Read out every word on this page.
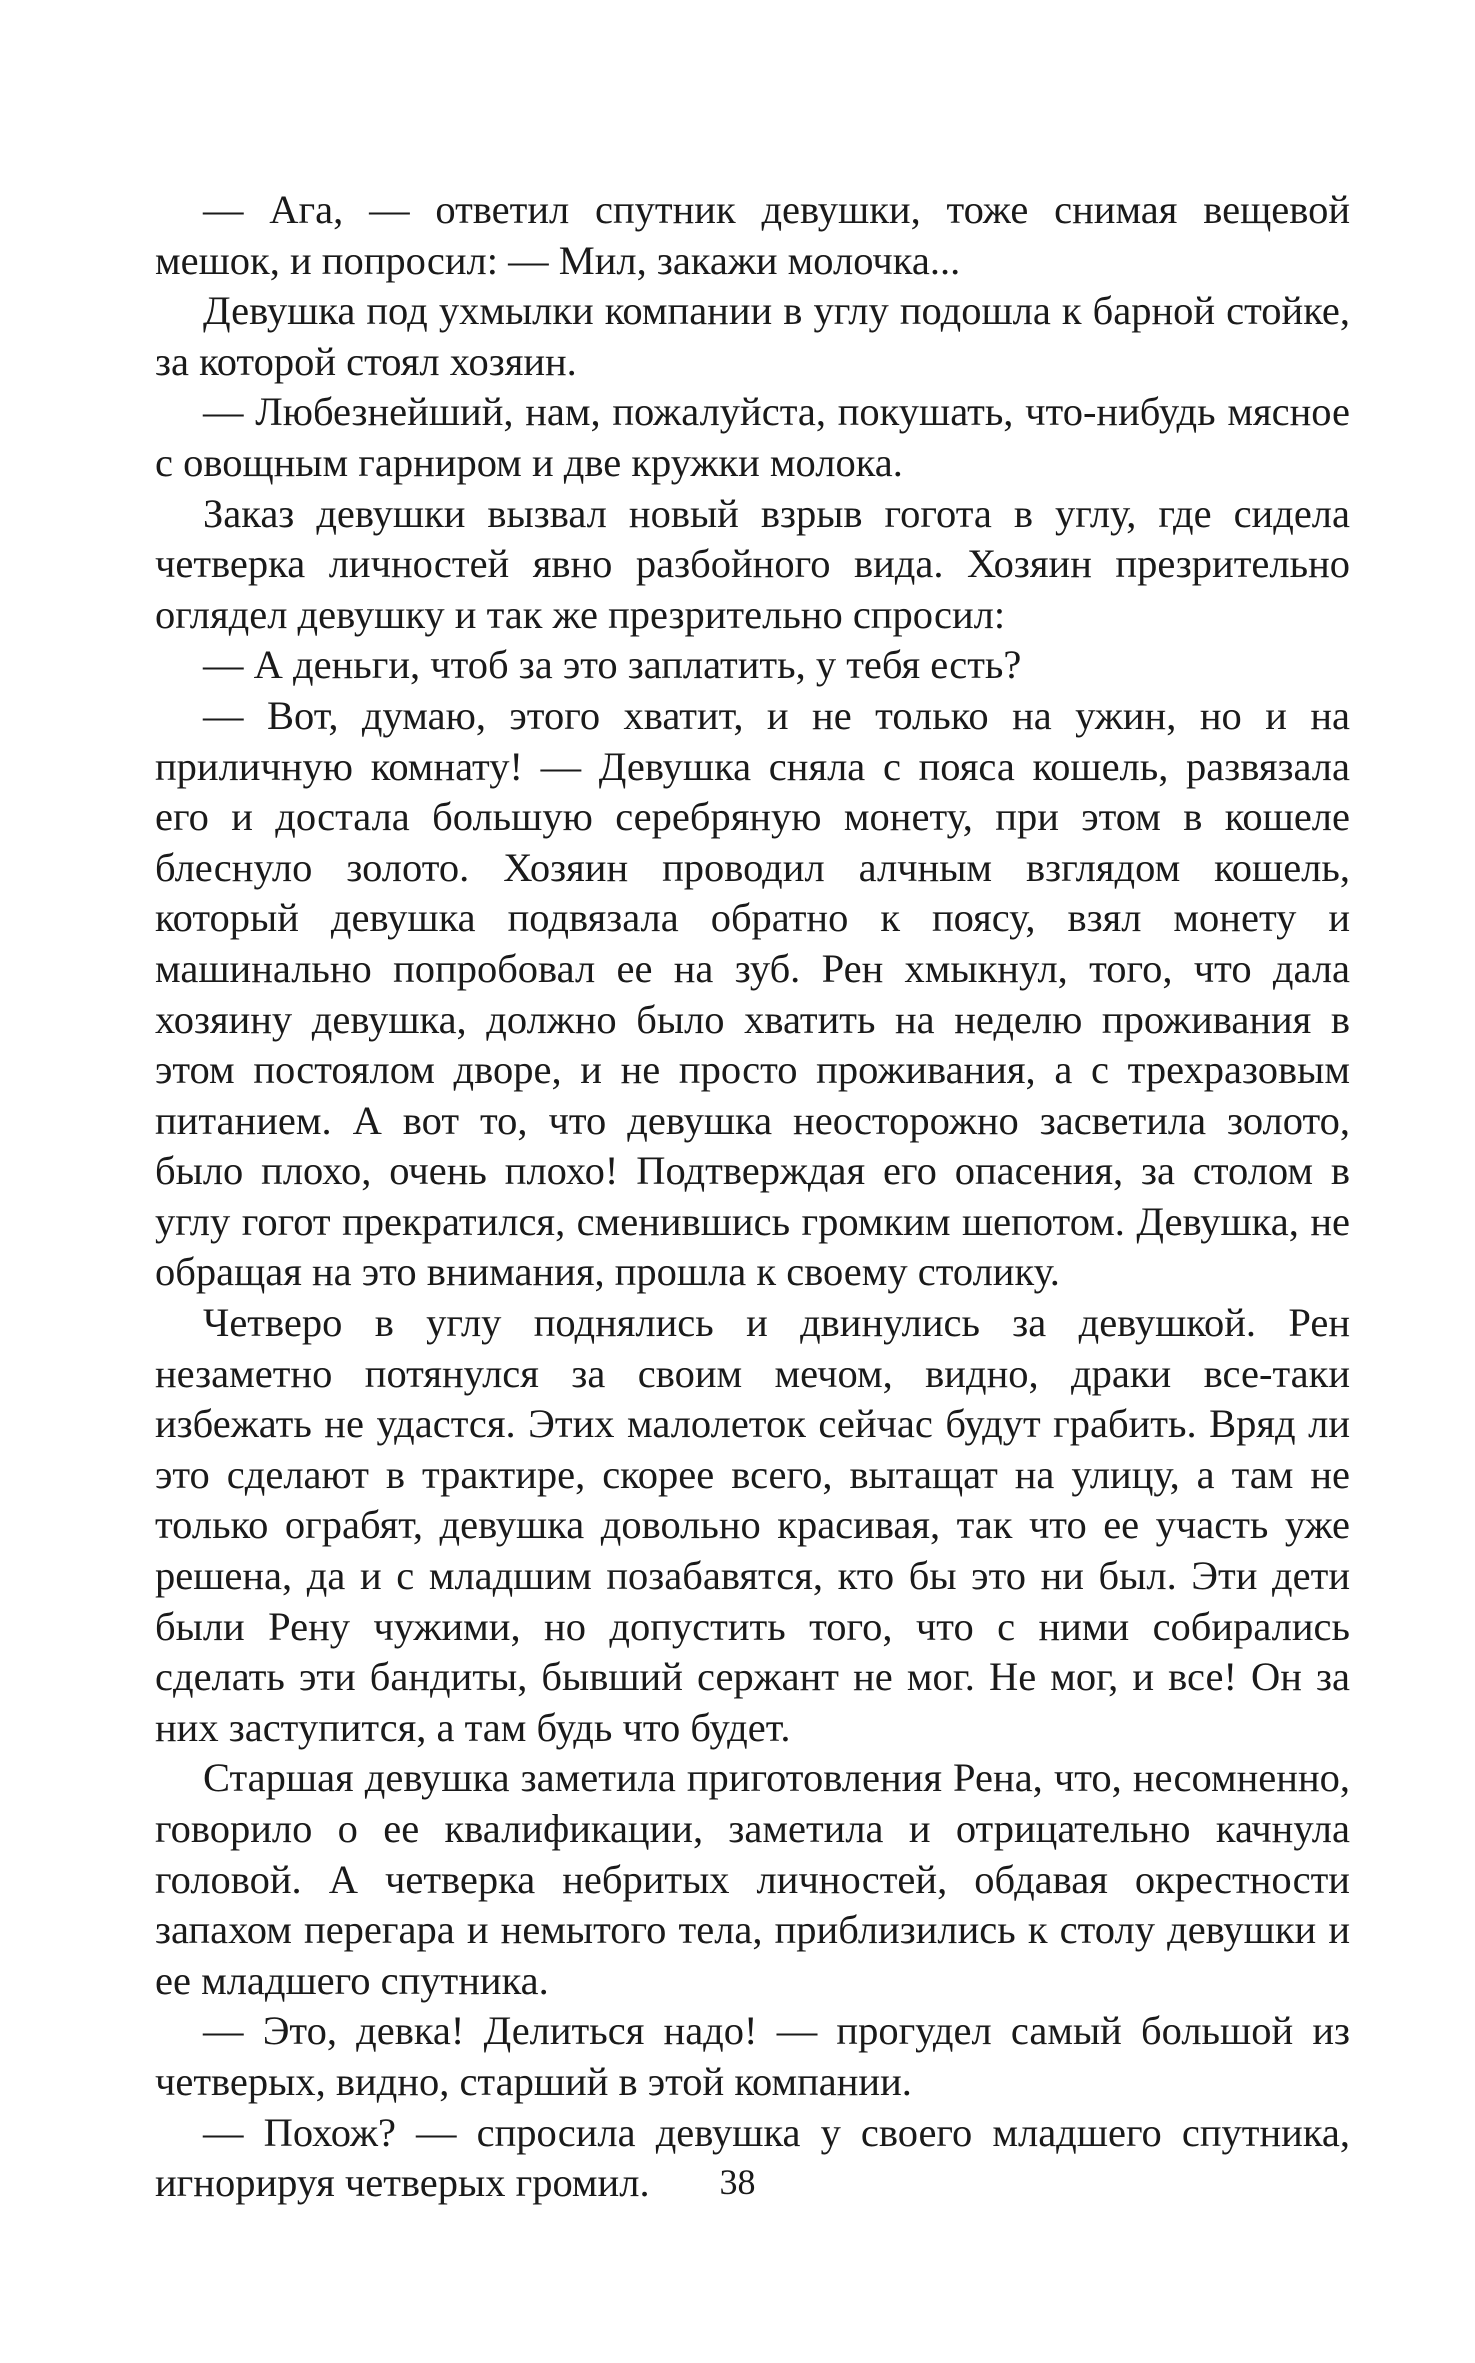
— Ага, — ответил спутник девушки, тоже снимая вещевой мешок, и попросил: — Мил, закажи молочка...

Девушка под ухмылки компании в углу подошла к барной стойке, за которой стоял хозяин.

— Любезнейший, нам, пожалуйста, покушать, что-нибудь мясное с овощным гарниром и две кружки молока.

Заказ девушки вызвал новый взрыв гогота в углу, где сидела четверка личностей явно разбойного вида. Хозяин презрительно оглядел девушку и так же презрительно спросил:

— А деньги, чтоб за это заплатить, у тебя есть?

— Вот, думаю, этого хватит, и не только на ужин, но и на приличную комнату! — Девушка сняла с пояса кошель, развязала его и достала большую серебряную монету, при этом в кошеле блеснуло золото. Хозяин проводил алчным взглядом кошель, который девушка подвязала обратно к поясу, взял монету и машинально попробовал ее на зуб. Рен хмыкнул, того, что дала хозяину девушка, должно было хватить на неделю проживания в этом постоялом дворе, и не просто проживания, а с трехразовым питанием. А вот то, что девушка неосторожно засветила золото, было плохо, очень плохо! Подтверждая его опасения, за столом в углу гогот прекратился, сменившись громким шепотом. Девушка, не обращая на это внимания, прошла к своему столику.

Четверо в углу поднялись и двинулись за девушкой. Рен незаметно потянулся за своим мечом, видно, драки все-таки избежать не удастся. Этих малолеток сейчас будут грабить. Вряд ли это сделают в трактире, скорее всего, вытащат на улицу, а там не только ограбят, девушка довольно красивая, так что ее участь уже решена, да и с младшим позабавятся, кто бы это ни был. Эти дети были Рену чужими, но допустить того, что с ними собирались сделать эти бандиты, бывший сержант не мог. Не мог, и все! Он за них заступится, а там будь что будет.

Старшая девушка заметила приготовления Рена, что, несомненно, говорило о ее квалификации, заметила и отрицательно качнула головой. А четверка небритых личностей, обдавая окрестности запахом перегара и немытого тела, приблизились к столу девушки и ее младшего спутника.

— Это, девка! Делиться надо! — прогудел самый большой из четверых, видно, старший в этой компании.

— Похож? — спросила девушка у своего младшего спутника, игнорируя четверых громил.	38
